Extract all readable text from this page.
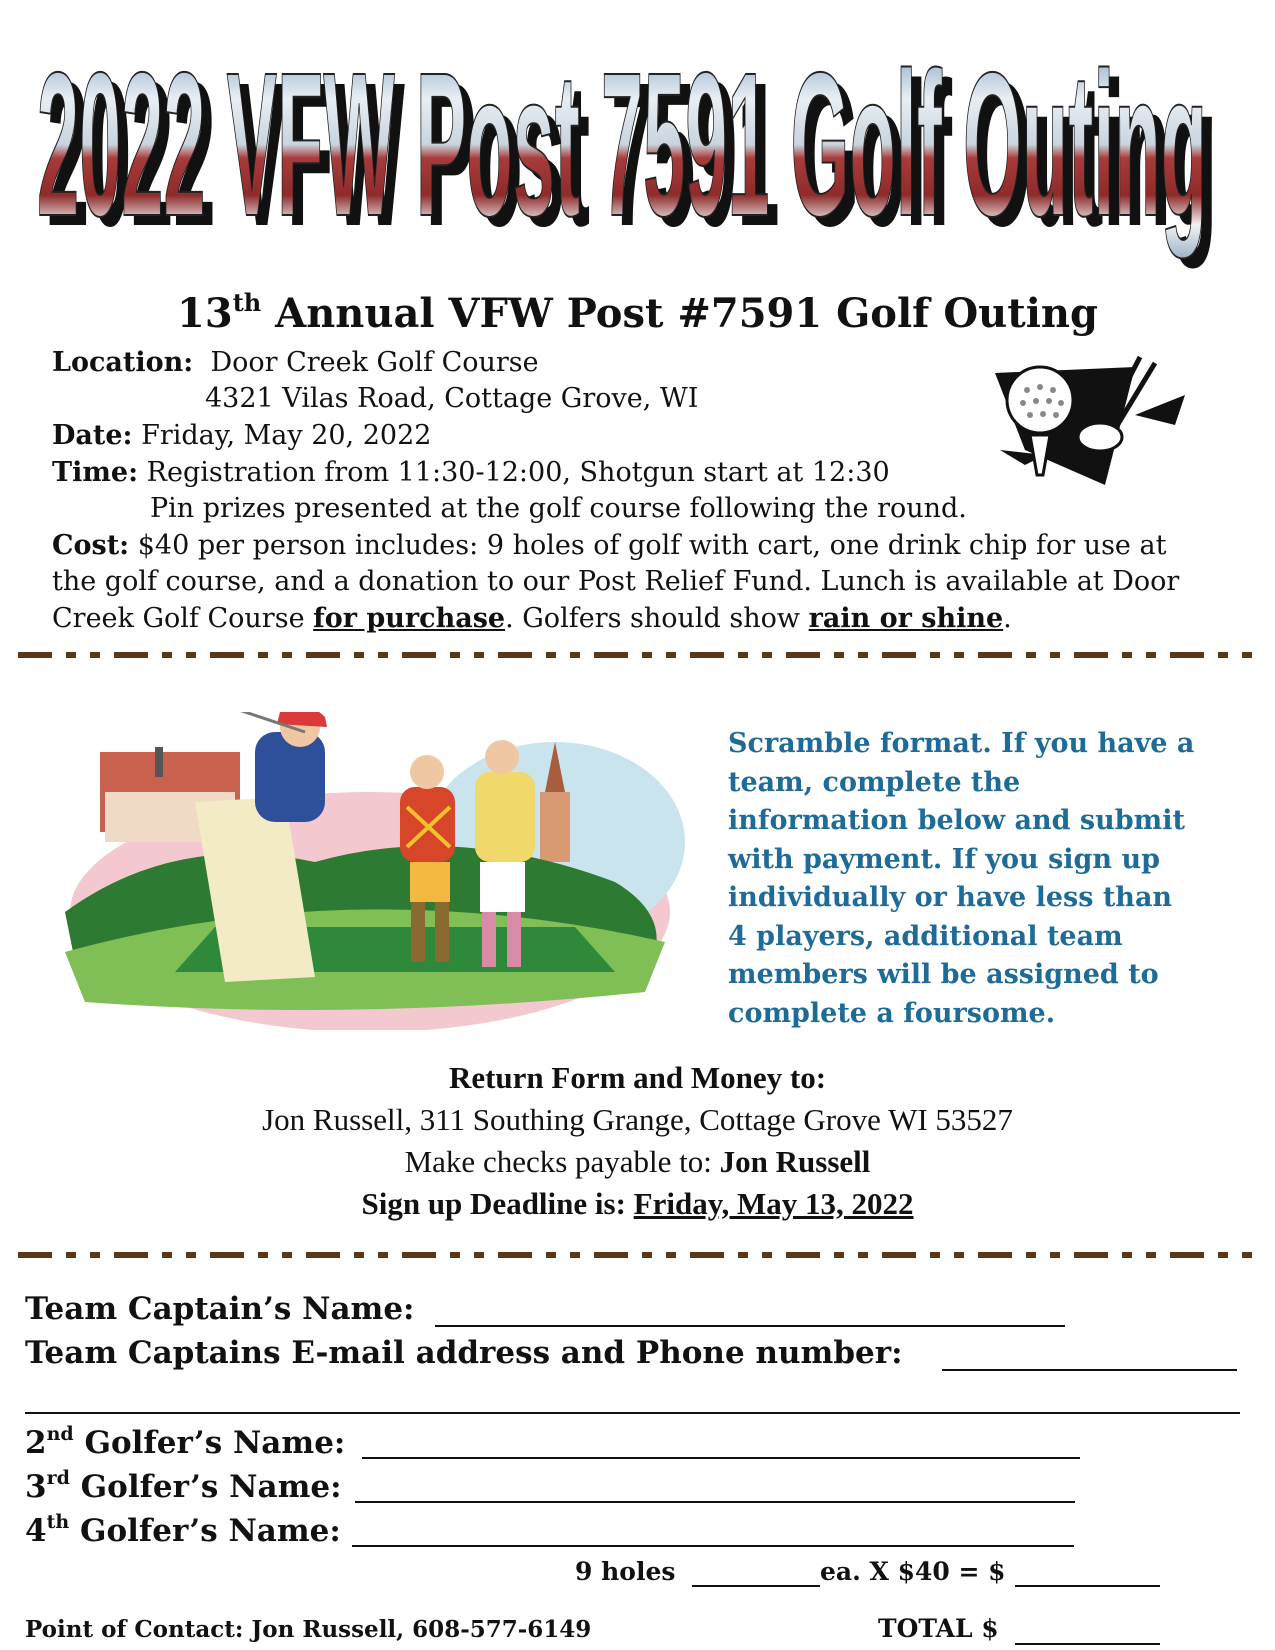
2022 VFW Post 7591 Golf Outing
2022 VFW Post 7591 Golf Outing
13th Annual VFW Post #7591 Golf Outing
Location: Door Creek Golf Course
4321 Vilas Road, Cottage Grove, WI
Date: Friday, May 20, 2022
Time: Registration from 11:30-12:00, Shotgun start at 12:30
Pin prizes presented at the golf course following the round.
Cost: $40 per person includes: 9 holes of golf with cart, one drink chip for use at
the golf course, and a donation to our Post Relief Fund. Lunch is available at Door
Creek Golf Course for purchase. Golfers should show rain or shine.
Scramble format. If you have a
team, complete the
information below and submit
with payment. If you sign up
individually or have less than
4 players, additional team
members will be assigned to
complete a foursome.
Return Form and Money to:
Jon Russell, 311 Southing Grange, Cottage Grove WI 53527
Make checks payable to: Jon Russell
Sign up Deadline is: Friday, May 13, 2022
Team Captain’s Name:
Team Captains E-mail address and Phone number:
2nd Golfer’s Name:
3rd Golfer’s Name:
4th Golfer’s Name:
9 holes	ea. X $40 = $
Point of Contact: Jon Russell, 608-577-6149	TOTAL $
